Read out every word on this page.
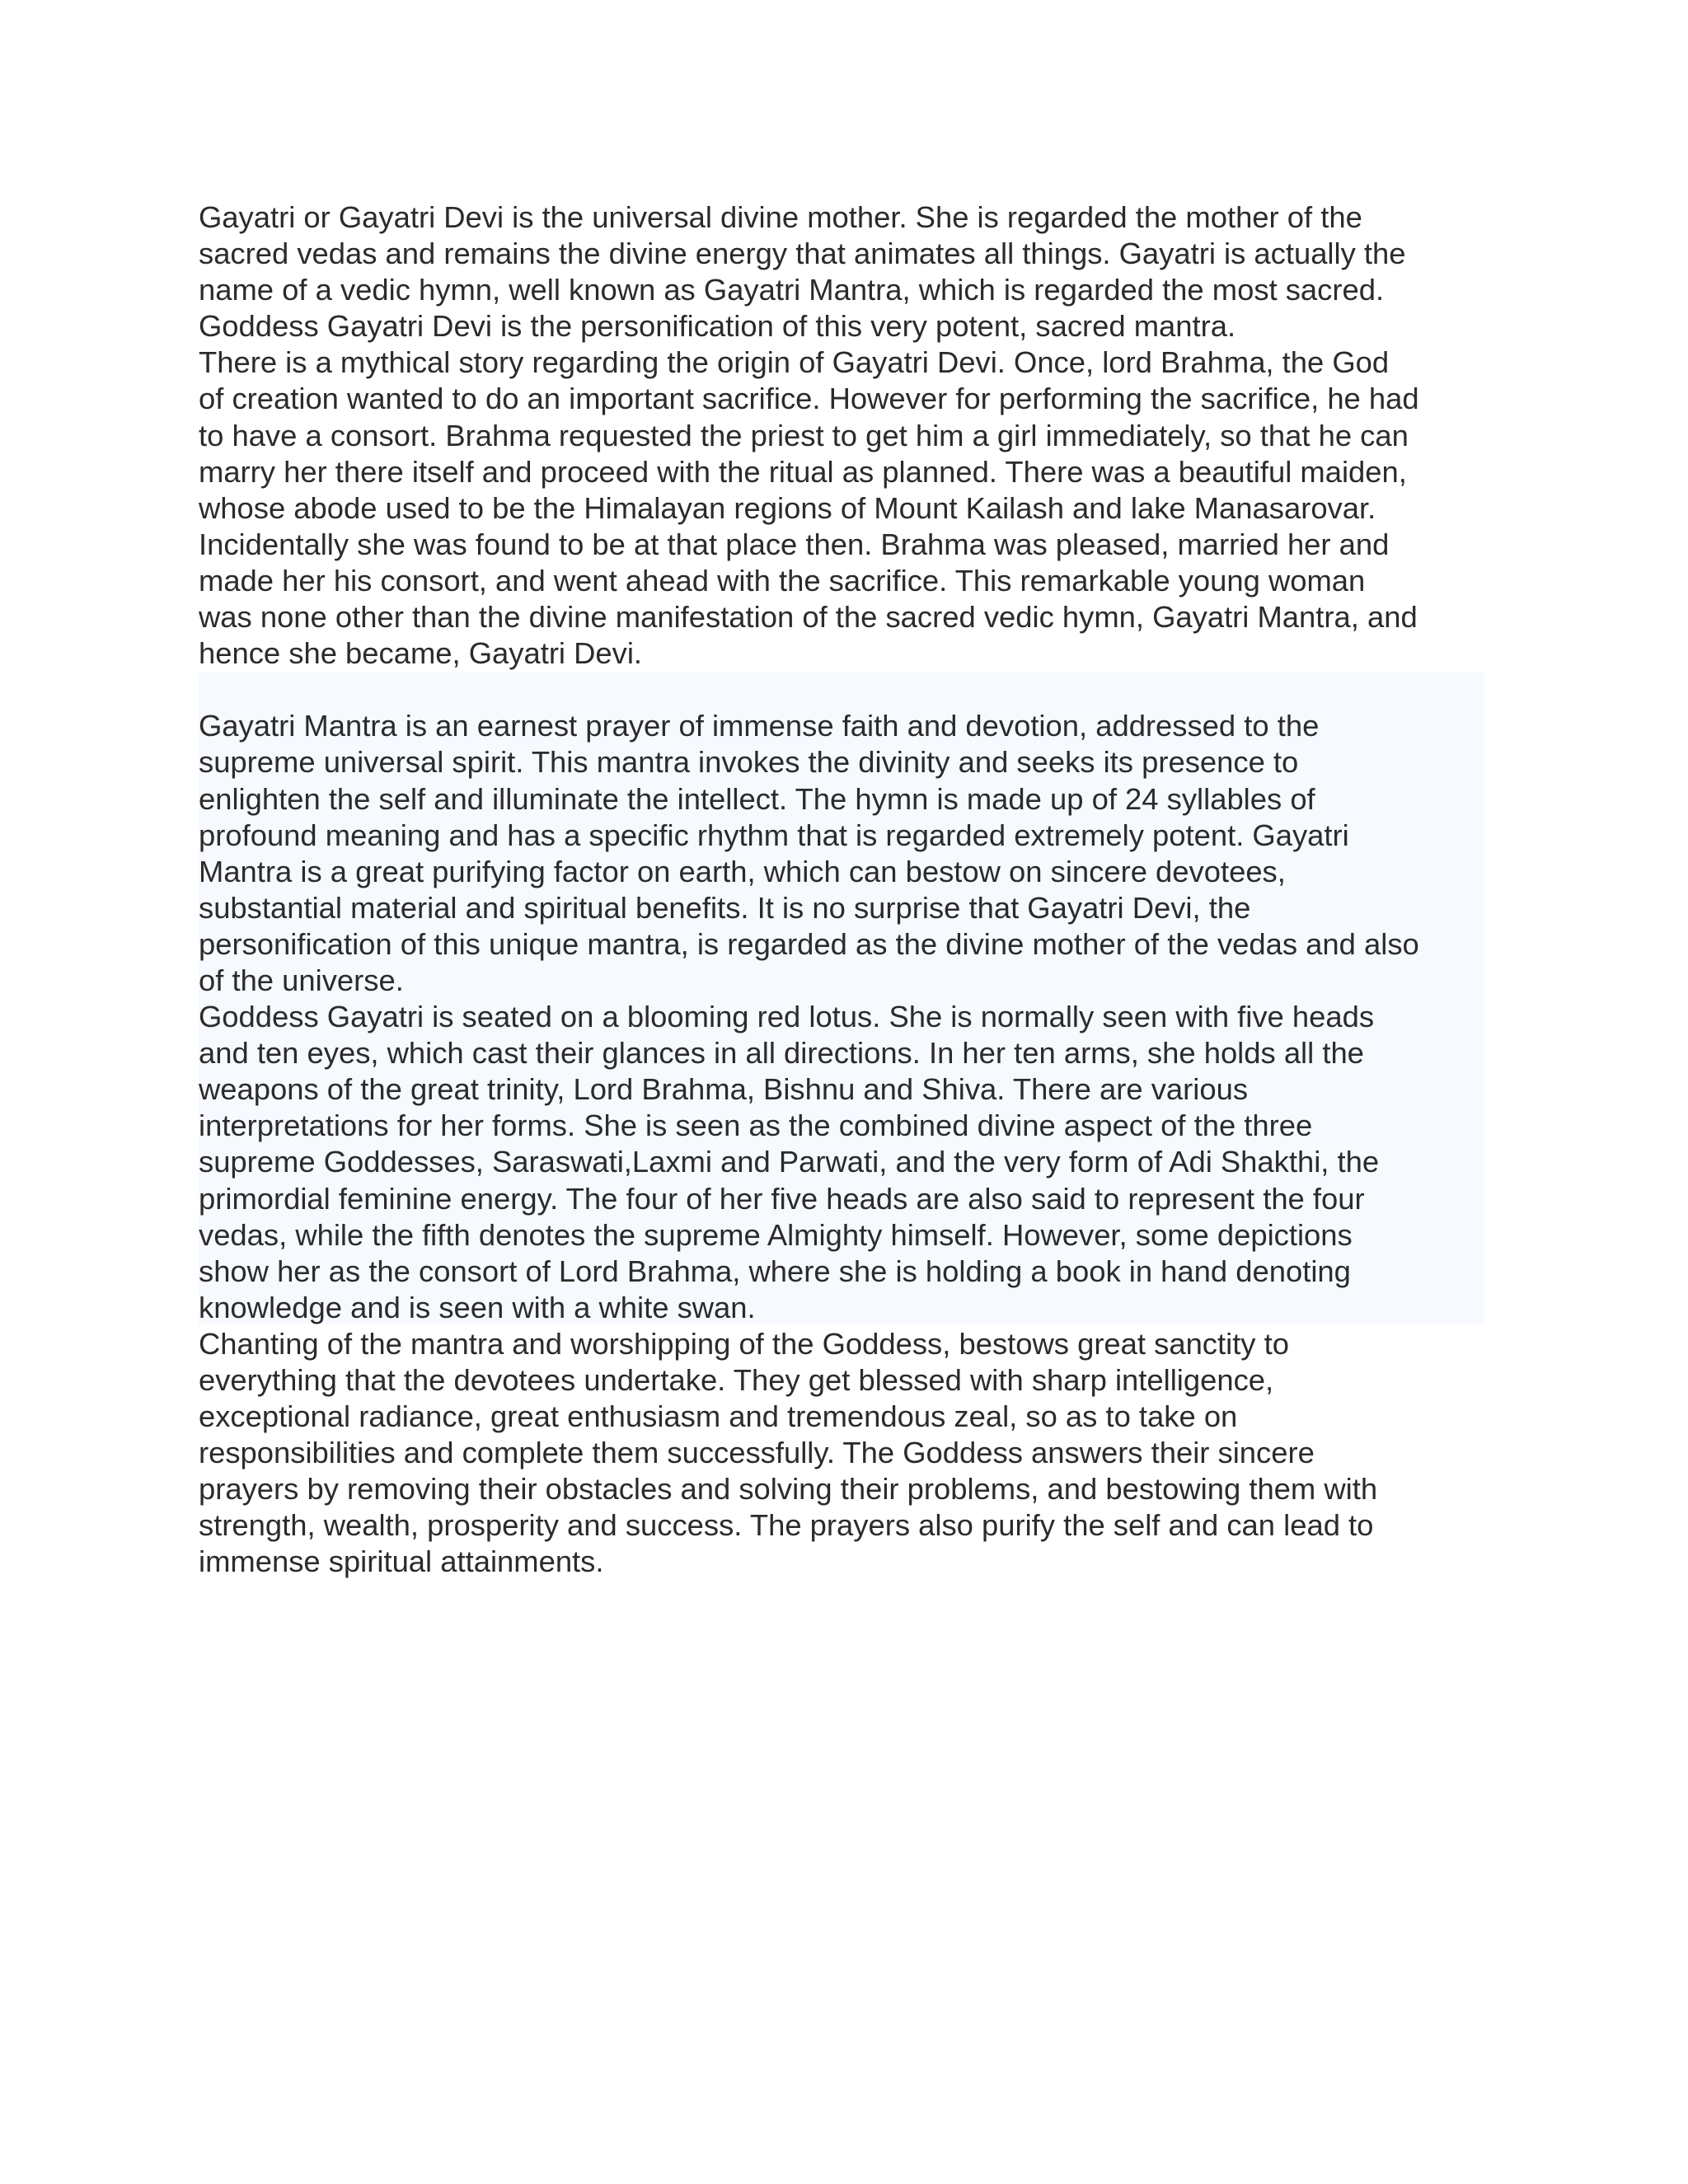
Gayatri or Gayatri Devi is the universal divine mother. She is regarded the mother of the
sacred vedas and remains the divine energy that animates all things. Gayatri is actually the
name of a vedic hymn, well known as Gayatri Mantra, which is regarded the most sacred.
Goddess Gayatri Devi is the personification of this very potent, sacred mantra.
There is a mythical story regarding the origin of Gayatri Devi. Once, lord Brahma, the God
of creation wanted to do an important sacrifice. However for performing the sacrifice, he had
to have a consort. Brahma requested the priest to get him a girl immediately, so that he can
marry her there itself and proceed with the ritual as planned. There was a beautiful maiden,
whose abode used to be the Himalayan regions of Mount Kailash and lake Manasarovar.
Incidentally she was found to be at that place then. Brahma was pleased, married her and
made her his consort, and went ahead with the sacrifice. This remarkable young woman
was none other than the divine manifestation of the sacred vedic hymn, Gayatri Mantra, and
hence she became, Gayatri Devi.
Gayatri Mantra is an earnest prayer of immense faith and devotion, addressed to the
supreme universal spirit. This mantra invokes the divinity and seeks its presence to
enlighten the self and illuminate the intellect. The hymn is made up of 24 syllables of
profound meaning and has a specific rhythm that is regarded extremely potent. Gayatri
Mantra is a great purifying factor on earth, which can bestow on sincere devotees,
substantial material and spiritual benefits. It is no surprise that Gayatri Devi, the
personification of this unique mantra, is regarded as the divine mother of the vedas and also
of the universe.
Goddess Gayatri is seated on a blooming red lotus. She is normally seen with five heads
and ten eyes, which cast their glances in all directions. In her ten arms, she holds all the
weapons of the great trinity, Lord Brahma, Bishnu and Shiva. There are various
interpretations for her forms. She is seen as the combined divine aspect of the three
supreme Goddesses, Saraswati,Laxmi and Parwati, and the very form of Adi Shakthi, the
primordial feminine energy. The four of her five heads are also said to represent the four
vedas, while the fifth denotes the supreme Almighty himself. However, some depictions
show her as the consort of Lord Brahma, where she is holding a book in hand denoting
knowledge and is seen with a white swan.
Chanting of the mantra and worshipping of the Goddess, bestows great sanctity to
everything that the devotees undertake. They get blessed with sharp intelligence,
exceptional radiance, great enthusiasm and tremendous zeal, so as to take on
responsibilities and complete them successfully. The Goddess answers their sincere
prayers by removing their obstacles and solving their problems, and bestowing them with
strength, wealth, prosperity and success. The prayers also purify the self and can lead to
immense spiritual attainments.
